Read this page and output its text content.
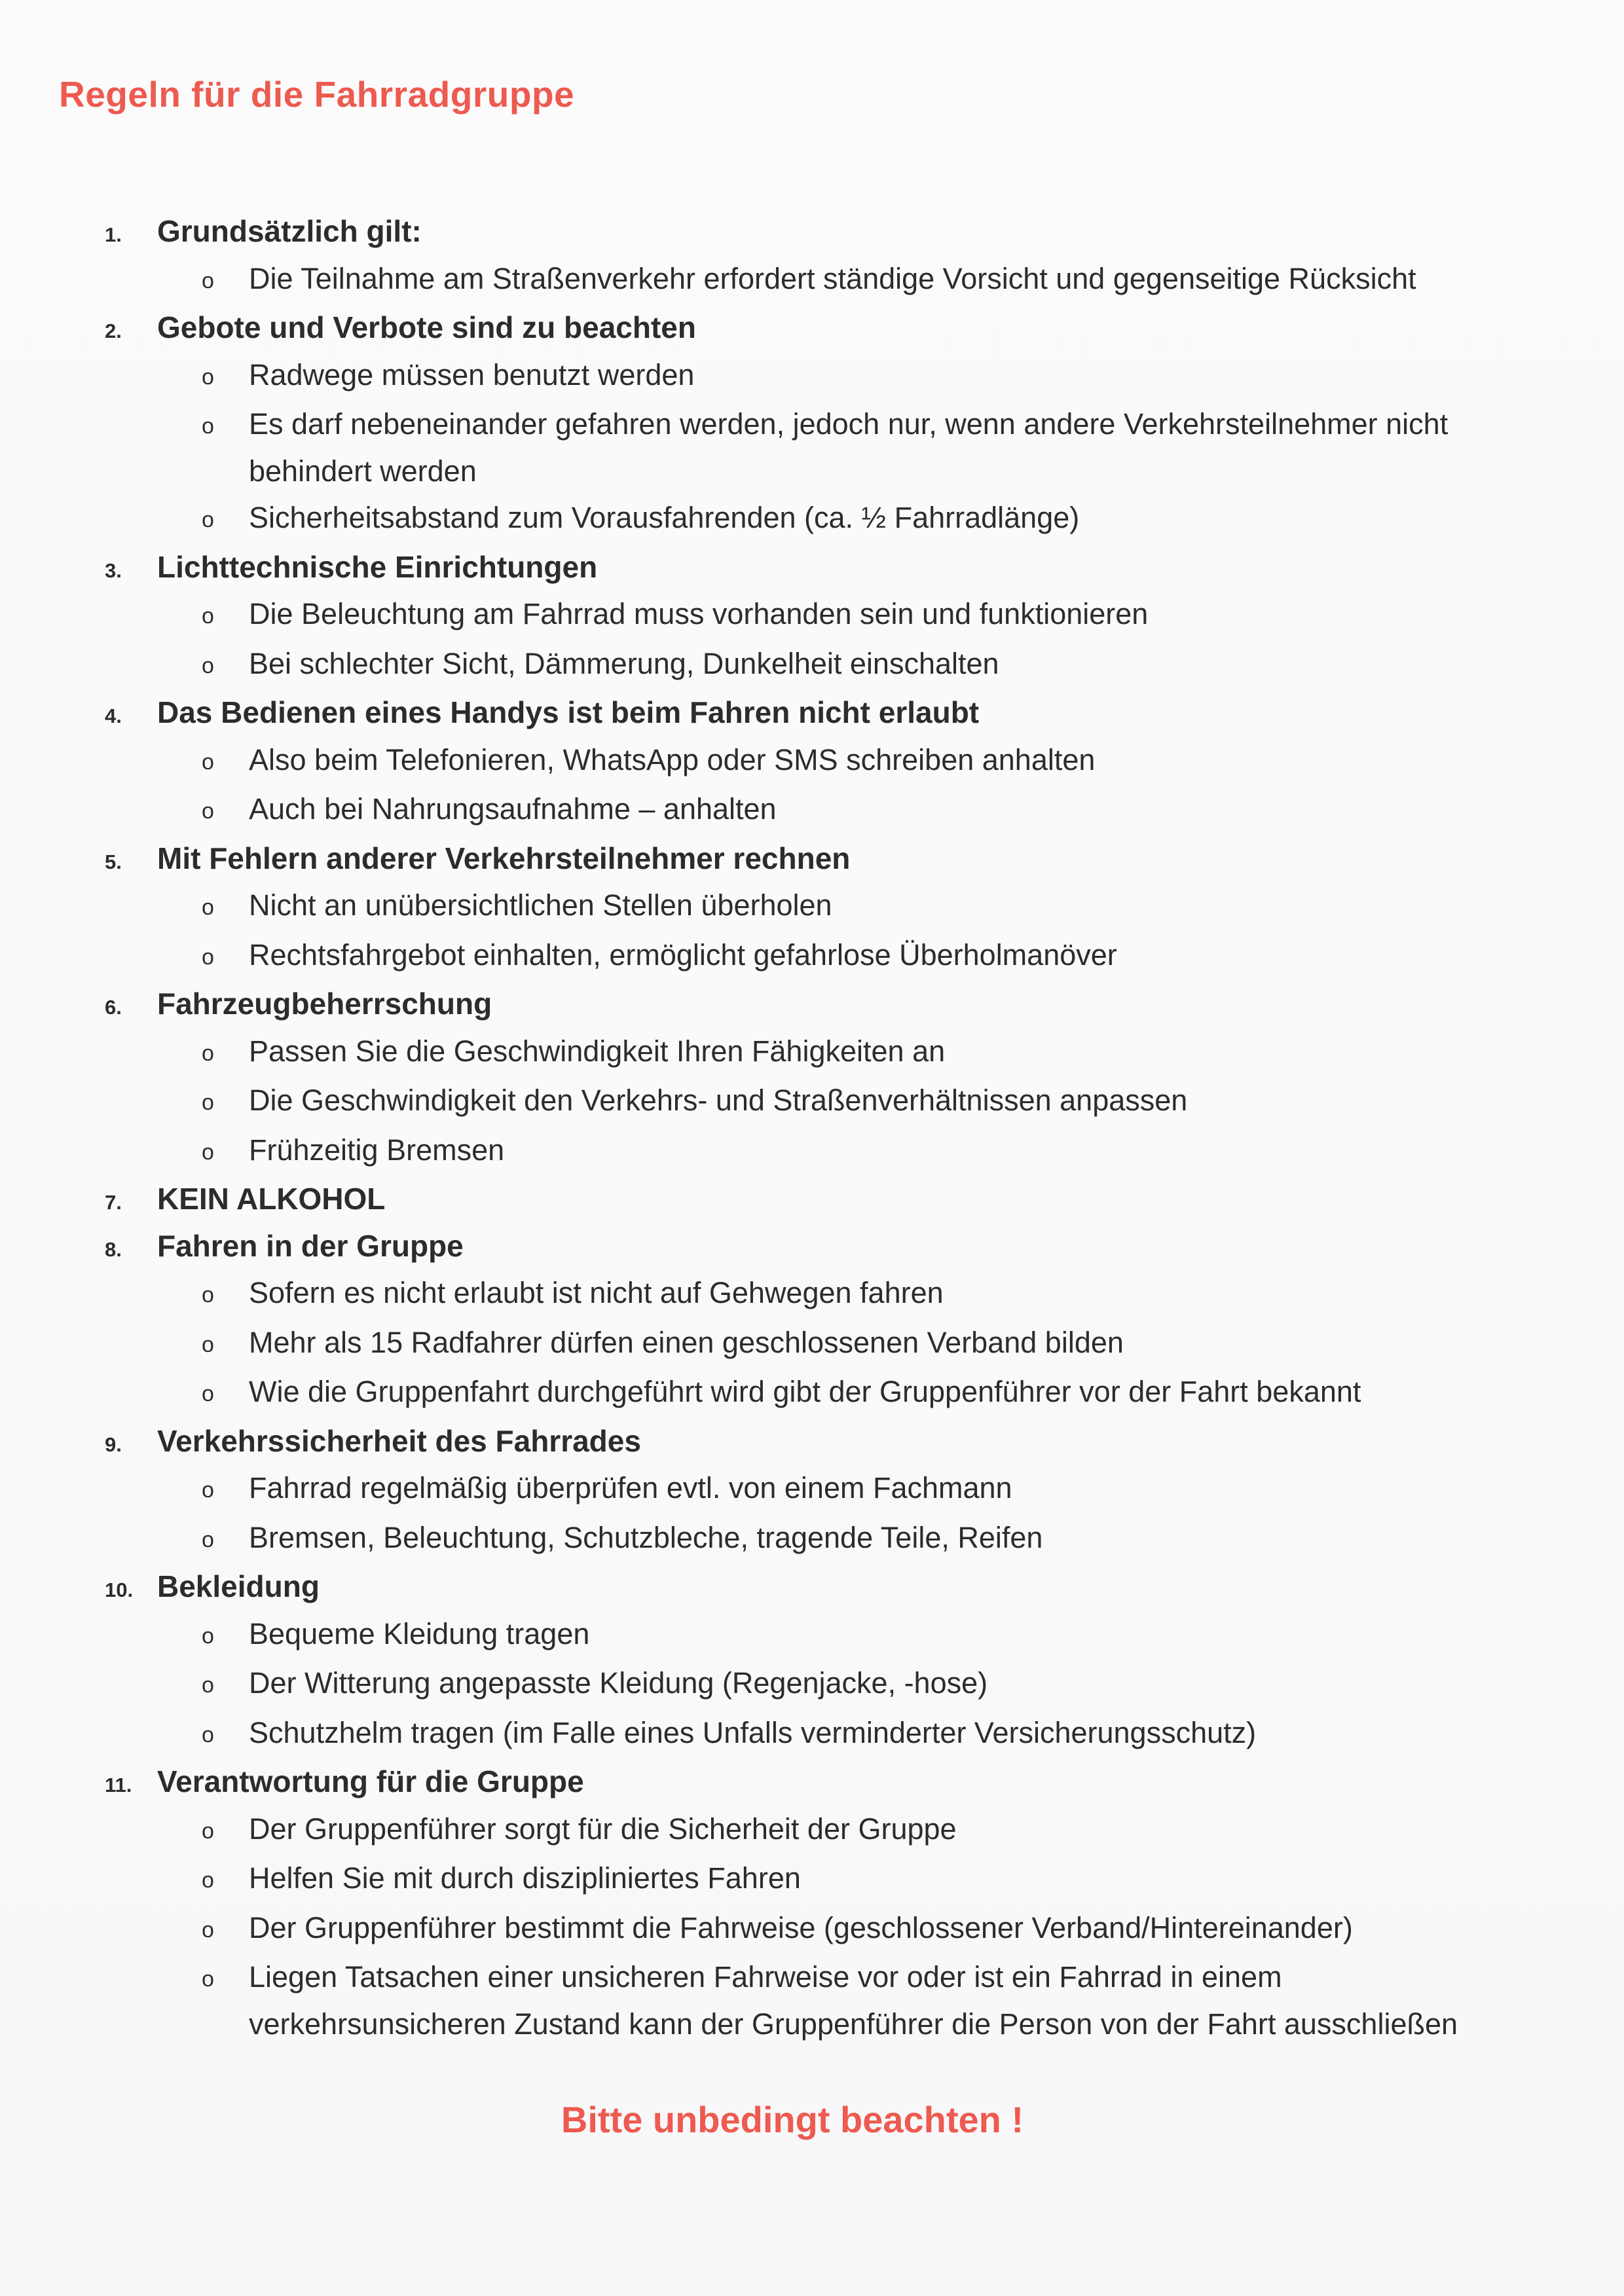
Regeln für die Fahrradgruppe
1.	Grundsätzlich gilt:
o	Die Teilnahme am Straßenverkehr erfordert ständige Vorsicht und gegenseitige Rücksicht
2.	Gebote und Verbote sind zu beachten
o	Radwege müssen benutzt werden
o	Es darf nebeneinander gefahren werden, jedoch nur, wenn andere Verkehrsteilnehmer nicht behindert werden
o	Sicherheitsabstand zum Vorausfahrenden (ca. ½ Fahrradlänge)
3.	Lichttechnische Einrichtungen
o	Die Beleuchtung am Fahrrad muss vorhanden sein und funktionieren
o	Bei schlechter Sicht, Dämmerung, Dunkelheit einschalten
4.	Das Bedienen eines Handys ist beim Fahren nicht erlaubt
o	Also beim Telefonieren, WhatsApp oder SMS schreiben anhalten
o	Auch bei Nahrungsaufnahme – anhalten
5.	Mit Fehlern anderer Verkehrsteilnehmer rechnen
o	Nicht an unübersichtlichen Stellen überholen
o	Rechtsfahrgebot einhalten, ermöglicht gefahrlose Überholmanöver
6.	Fahrzeugbeherrschung
o	Passen Sie die Geschwindigkeit Ihren Fähigkeiten an
o	Die Geschwindigkeit den Verkehrs- und Straßenverhältnissen anpassen
o	Frühzeitig Bremsen
7.	KEIN ALKOHOL
8.	Fahren in der Gruppe
o	Sofern es nicht erlaubt ist nicht auf Gehwegen fahren
o	Mehr als 15 Radfahrer dürfen einen geschlossenen Verband bilden
o	Wie die Gruppenfahrt durchgeführt wird gibt der Gruppenführer vor der Fahrt bekannt
9.	Verkehrssicherheit des Fahrrades
o	Fahrrad regelmäßig überprüfen evtl. von einem Fachmann
o	Bremsen, Beleuchtung, Schutzbleche, tragende Teile, Reifen
10. Bekleidung
o	Bequeme Kleidung tragen
o	Der Witterung angepasste Kleidung (Regenjacke, -hose)
o	Schutzhelm tragen (im Falle eines Unfalls verminderter Versicherungsschutz)
11. Verantwortung für die Gruppe
o	Der Gruppenführer sorgt für die Sicherheit der Gruppe
o	Helfen Sie mit durch diszipliniertes Fahren
o	Der Gruppenführer bestimmt die Fahrweise (geschlossener Verband/Hintereinander)
o	Liegen Tatsachen einer unsicheren Fahrweise vor oder ist ein Fahrrad in einem verkehrsunsicheren Zustand kann der Gruppenführer die Person von der Fahrt ausschließen
Bitte unbedingt beachten !
